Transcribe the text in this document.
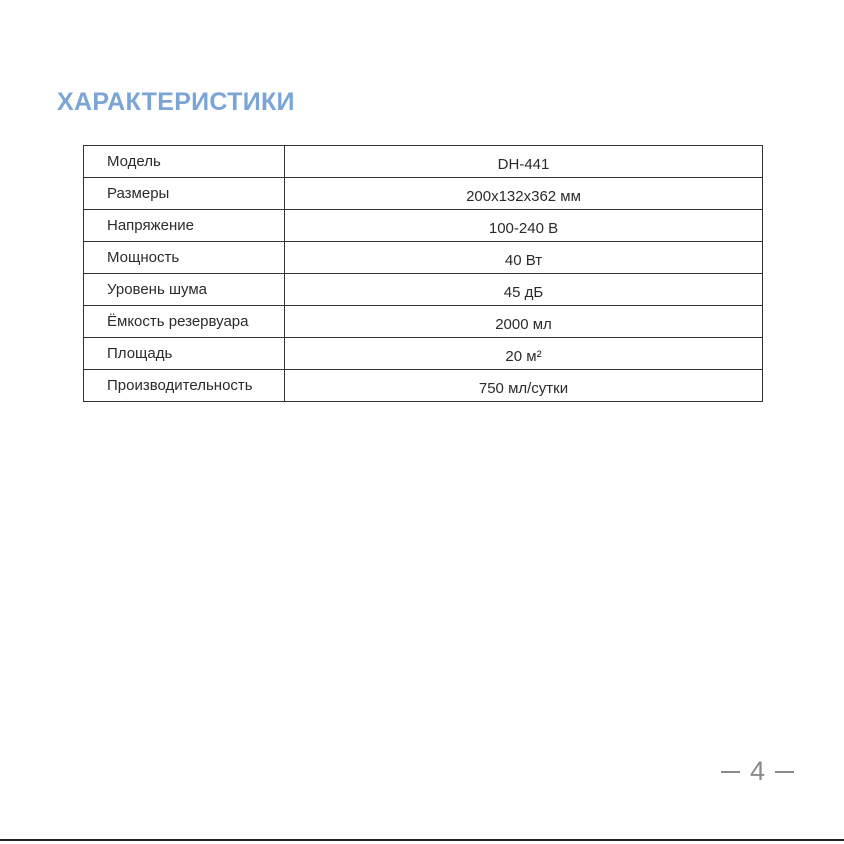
ХАРАКТЕРИСТИКИ
Модель	DH-441
Размеры	200x132x362 мм
Напряжение	100-240 В
Мощность	40 Вт
Уровень шума	45 дБ
Ёмкость резервуара	2000 мл
Площадь	20 м²
Производительность	750 мл/сутки
4
